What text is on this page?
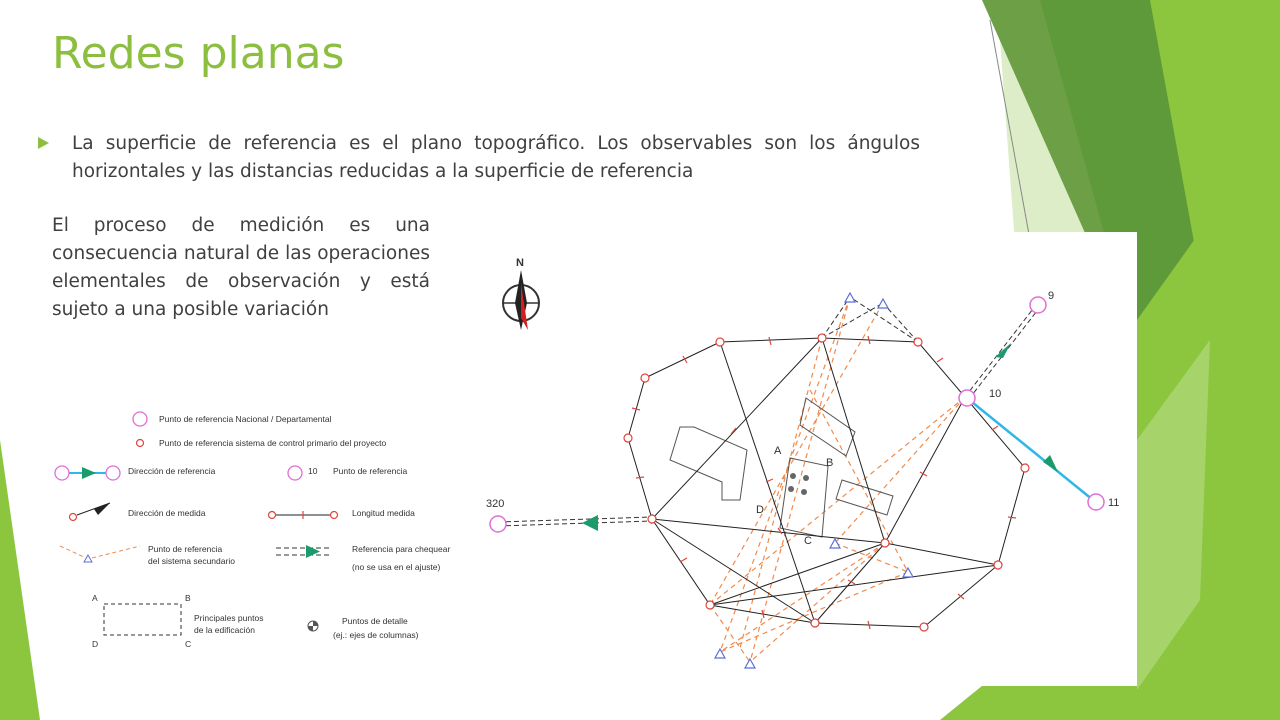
Redes planas
La superficie de referencia es el plano topográfico. Los observables son los ángulos horizontales y las distancias reducidas a la superficie de referencia
El proceso de medición es una consecuencia natural de las operaciones elementales de observación y está sujeto a una posible variación
N
A
B
C
D
9
10
11
320
Punto de referencia Nacional / Departamental
Punto de referencia sistema de control primario del proyecto
Dirección de referencia	10 Punto de referencia
Dirección de medida	Longitud medida
Punto de referencia
del sistema secundario
Referencia para chequear
(no se usa en el ajuste)
A	B
C
D
Principales puntos
de la edificación
Puntos de detalle
(ej.: ejes de columnas)
